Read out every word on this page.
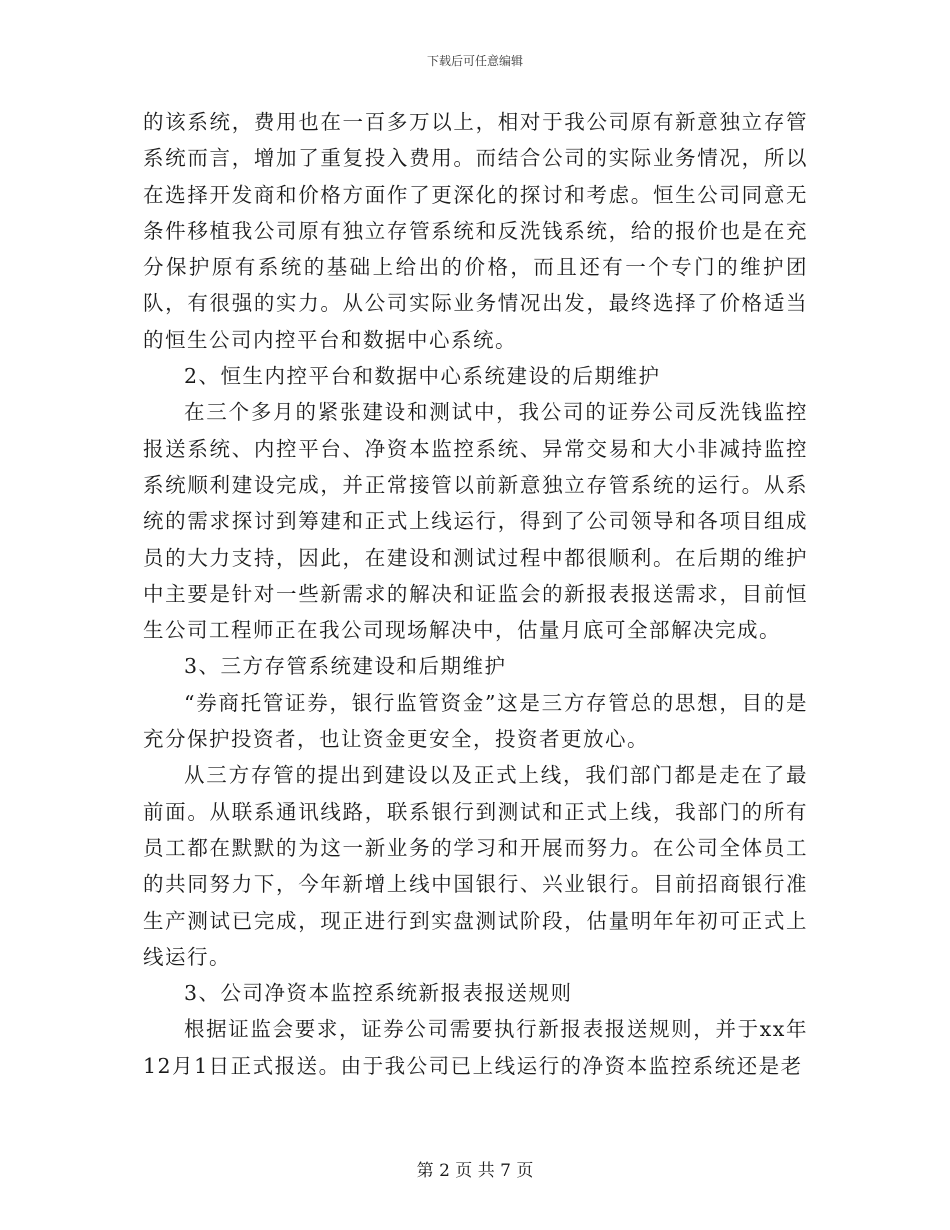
下载后可任意编辑

的该系统，费用也在一百多万以上，相对于我公司原有新意独立存管系统而言，增加了重复投入费用。而结合公司的实际业务情况，所以在选择开发商和价格方面作了更深化的探讨和考虑。恒生公司同意无条件移植我公司原有独立存管系统和反洗钱系统，给的报价也是在充分保护原有系统的基础上给出的价格，而且还有一个专门的维护团队，有很强的实力。从公司实际业务情况出发，最终选择了价格适当的恒生公司内控平台和数据中心系统。

2、恒生内控平台和数据中心系统建设的后期维护

在三个多月的紧张建设和测试中，我公司的证券公司反洗钱监控报送系统、内控平台、净资本监控系统、异常交易和大小非减持监控系统顺利建设完成，并正常接管以前新意独立存管系统的运行。从系统的需求探讨到筹建和正式上线运行，得到了公司领导和各项目组成员的大力支持，因此，在建设和测试过程中都很顺利。在后期的维护中主要是针对一些新需求的解决和证监会的新报表报送需求，目前恒生公司工程师正在我公司现场解决中，估量月底可全部解决完成。

3、三方存管系统建设和后期维护

“券商托管证券，银行监管资金”这是三方存管总的思想，目的是充分保护投资者，也让资金更安全，投资者更放心。

从三方存管的提出到建设以及正式上线，我们部门都是走在了最前面。从联系通讯线路，联系银行到测试和正式上线，我部门的所有员工都在默默的为这一新业务的学习和开展而努力。在公司全体员工的共同努力下，今年新增上线中国银行、兴业银行。目前招商银行准生产测试已完成，现正进行到实盘测试阶段，估量明年年初可正式上线运行。

3、公司净资本监控系统新报表报送规则

根据证监会要求，证券公司需要执行新报表报送规则，并于xx年12月1日正式报送。由于我公司已上线运行的净资本监控系统还是老

第 2 页 共 7 页
